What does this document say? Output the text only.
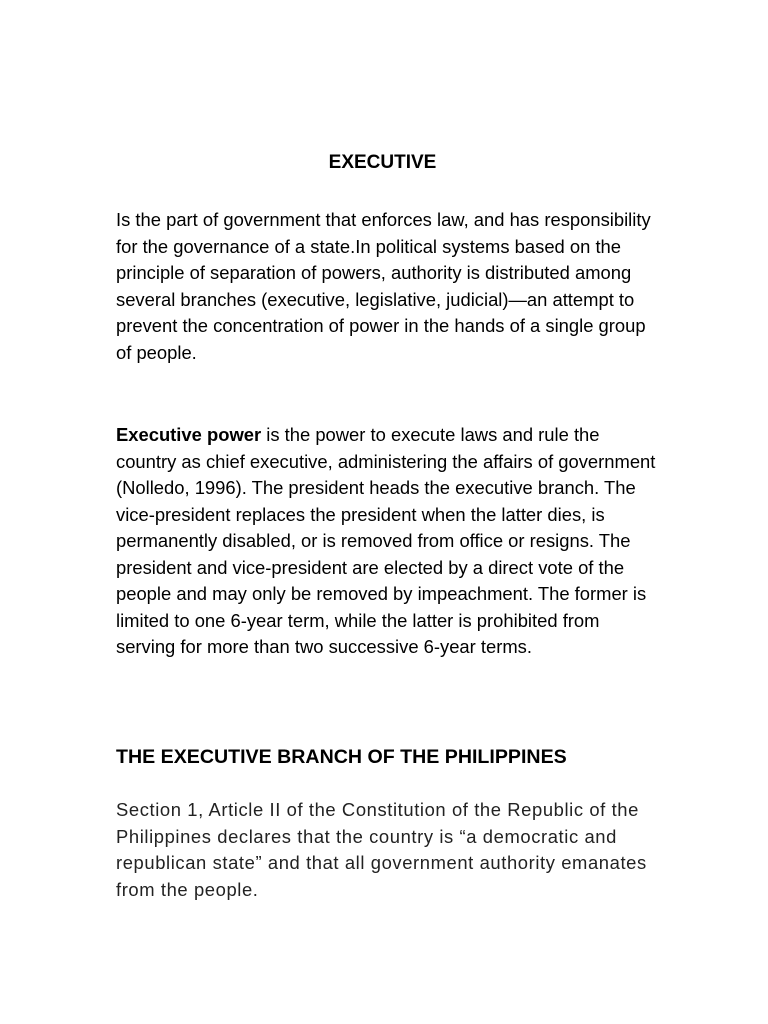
EXECUTIVE
Is the part of government that enforces law, and has responsibility for the governance of a state.In political systems based on the principle of separation of powers, authority is distributed among several branches (executive, legislative, judicial)—an attempt to prevent the concentration of power in the hands of a single group of people.
Executive power is the power to execute laws and rule the country as chief executive, administering the affairs of government (Nolledo, 1996). The president heads the executive branch. The vice-president replaces the president when the latter dies, is permanently disabled, or is removed from office or resigns. The president and vice-president are elected by a direct vote of the people and may only be removed by impeachment. The former is limited to one 6-year term, while the latter is prohibited from serving for more than two successive 6-year terms.
THE EXECUTIVE BRANCH OF THE PHILIPPINES
Section 1, Article II of the Constitution of the Republic of the Philippines declares that the country is “a democratic and republican state” and that all government authority emanates from the people.
